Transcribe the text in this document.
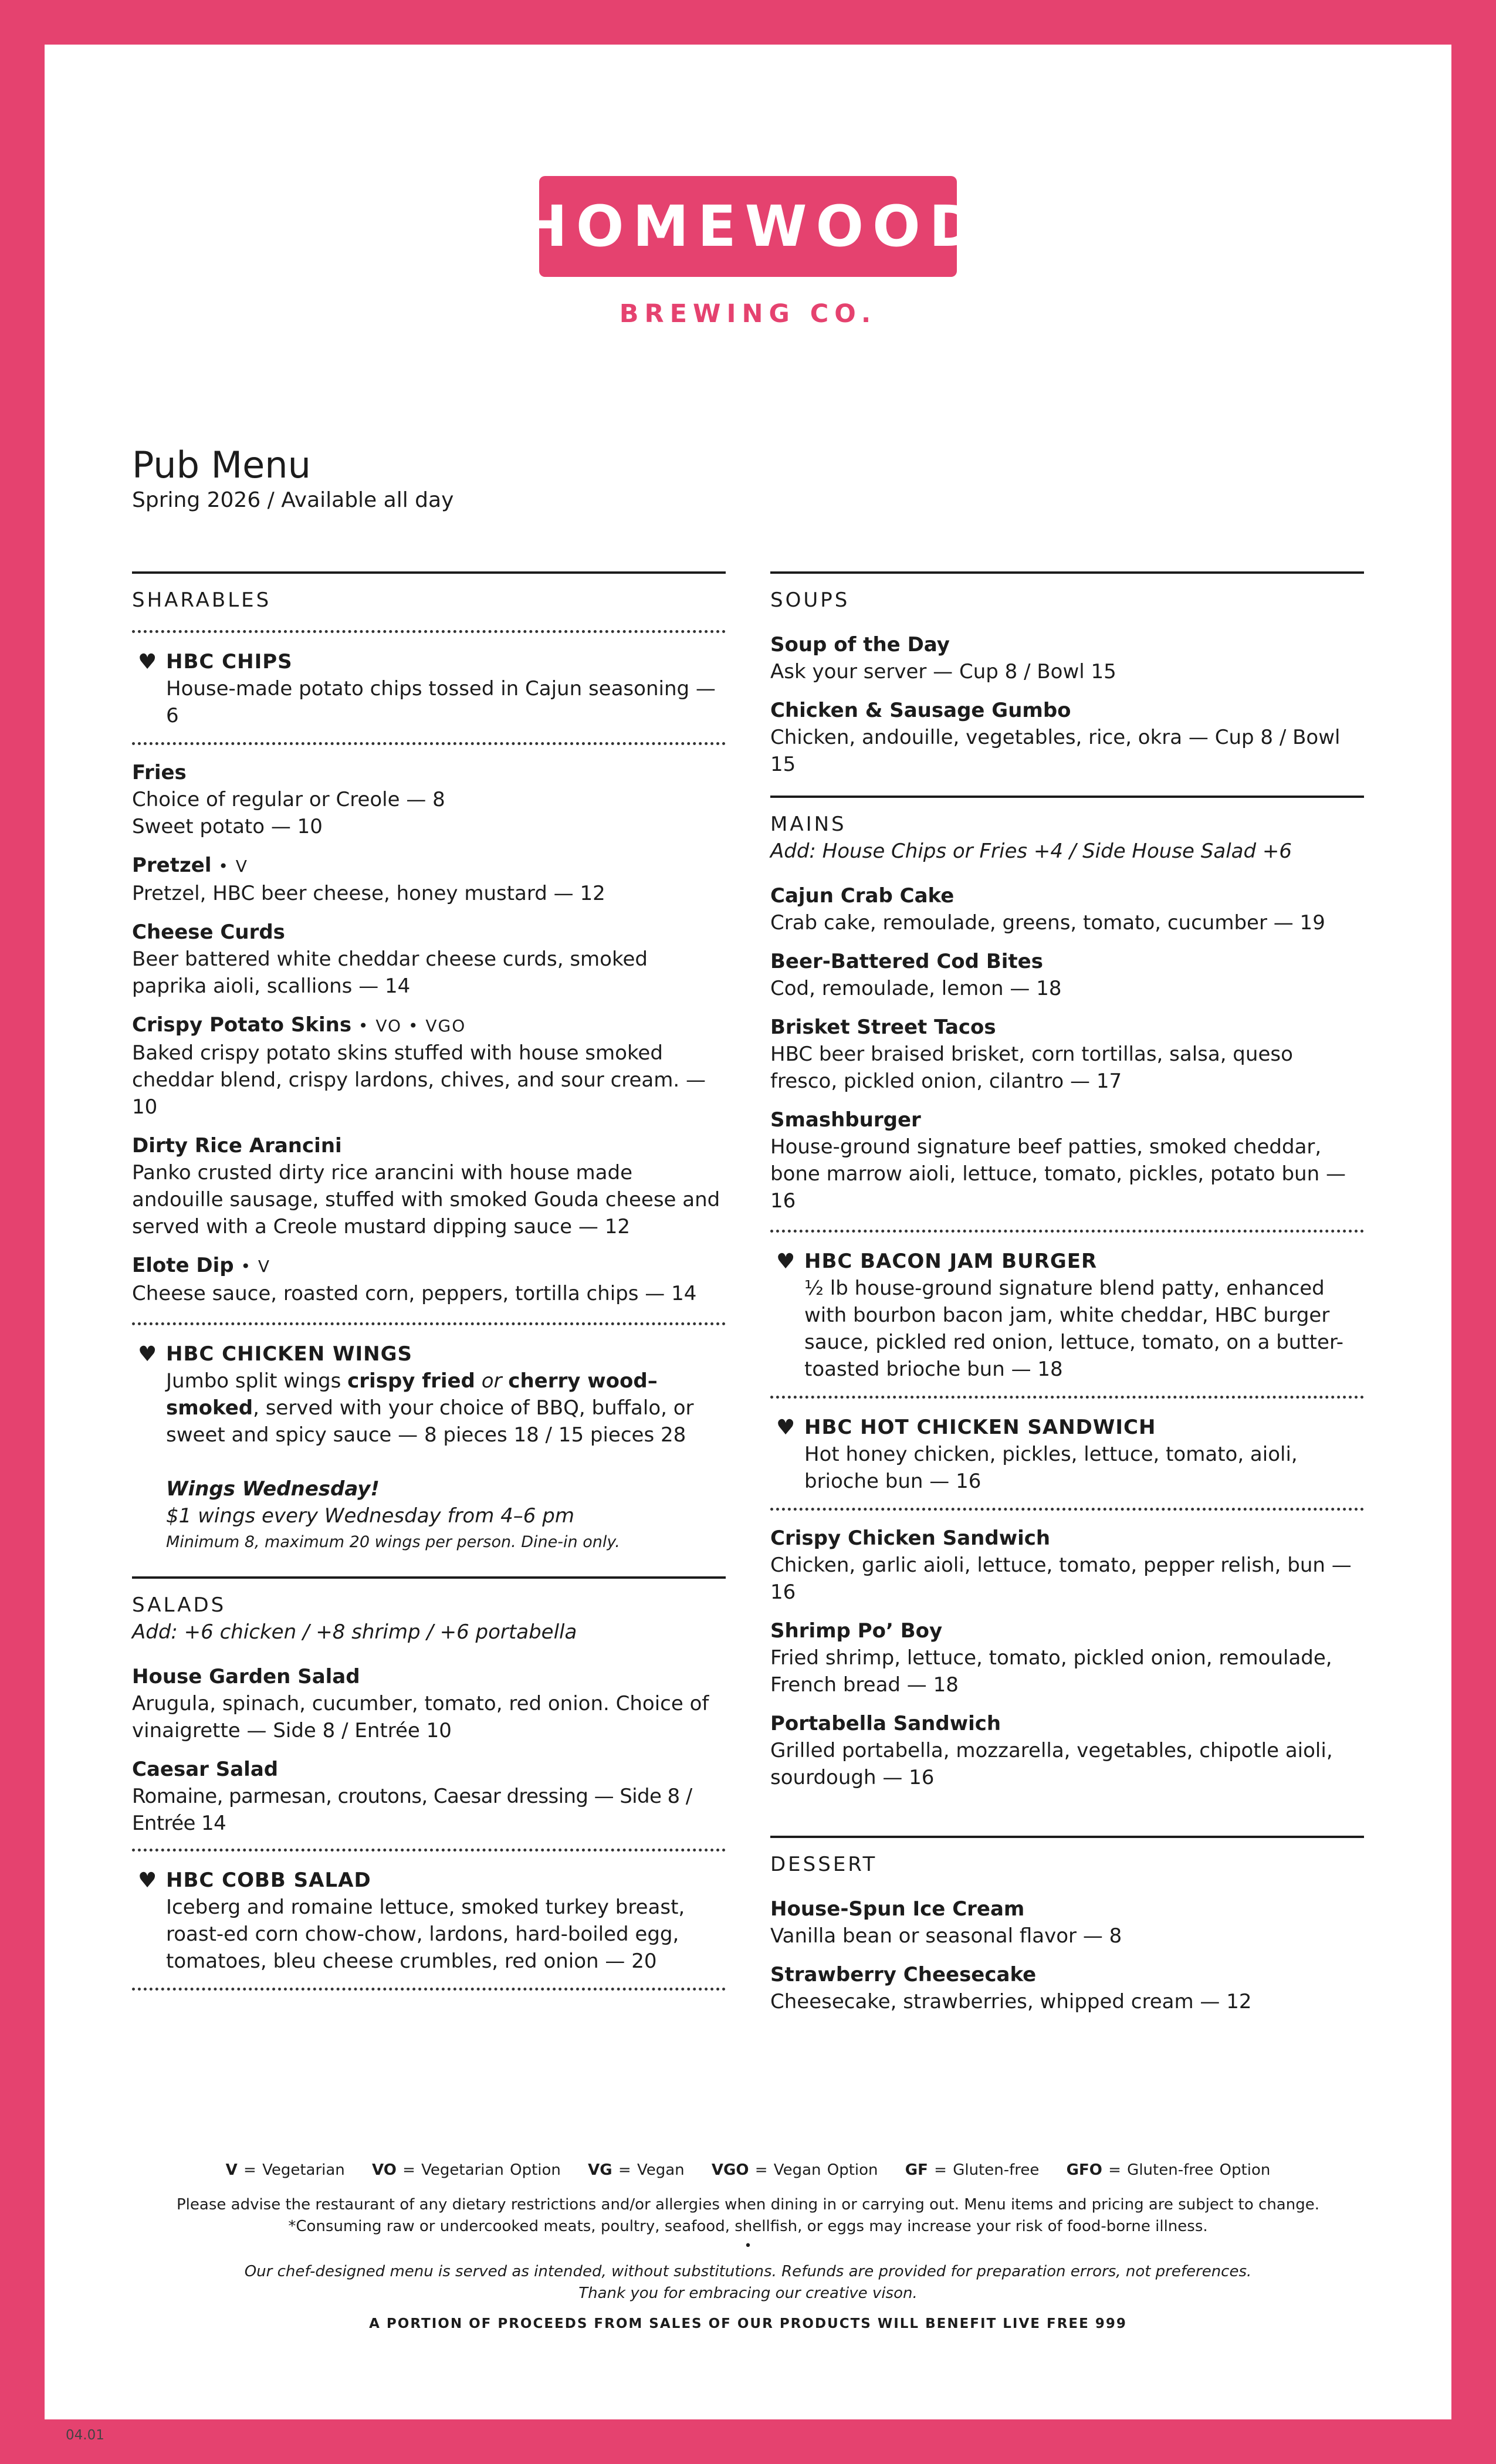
HOMEWOOD
BREWING CO.
Pub Menu
Spring 2026 / Available all day
SHARABLES
♥ HBC CHIPS
House-made potato chips tossed in Cajun seasoning — 6
Fries
Choice of regular or Creole — 8
Sweet potato — 10
Pretzel • V
Pretzel, HBC beer cheese, honey mustard — 12
Cheese Curds
Beer battered white cheddar cheese curds, smoked paprika aioli, scallions — 14
Crispy Potato Skins • VO • VGO
Baked crispy potato skins stuffed with house smoked cheddar blend, crispy lardons, chives, and sour cream. — 10
Dirty Rice Arancini
Panko crusted dirty rice arancini with house made andouille sausage, stuffed with smoked Gouda cheese and served with a Creole mustard dipping sauce — 12
Elote Dip • V
Cheese sauce, roasted corn, peppers, tortilla chips — 14
♥ HBC CHICKEN WINGS
Jumbo split wings crispy fried or cherry wood–smoked, served with your choice of BBQ, buffalo, or sweet and spicy sauce — 8 pieces 18 / 15 pieces 28
Wings Wednesday!
$1 wings every Wednesday from 4–6 pm
Minimum 8, maximum 20 wings per person. Dine-in only.
SALADS
Add: +6 chicken / +8 shrimp / +6 portabella
House Garden Salad
Arugula, spinach, cucumber, tomato, red onion. Choice of vinaigrette — Side 8 / Entrée 10
Caesar Salad
Romaine, parmesan, croutons, Caesar dressing — Side 8 / Entrée 14
♥ HBC COBB SALAD
Iceberg and romaine lettuce, smoked turkey breast, roast-ed corn chow-chow, lardons, hard-boiled egg, tomatoes, bleu cheese crumbles, red onion — 20
SOUPS
Soup of the Day
Ask your server — Cup 8 / Bowl 15
Chicken & Sausage Gumbo
Chicken, andouille, vegetables, rice, okra — Cup 8 / Bowl 15
MAINS
Add: House Chips or Fries +4 / Side House Salad +6
Cajun Crab Cake
Crab cake, remoulade, greens, tomato, cucumber — 19
Beer-Battered Cod Bites
Cod, remoulade, lemon — 18
Brisket Street Tacos
HBC beer braised brisket, corn tortillas, salsa, queso fresco, pickled onion, cilantro — 17
Smashburger
House-ground signature beef patties, smoked cheddar, bone marrow aioli, lettuce, tomato, pickles, potato bun — 16
♥ HBC BACON JAM BURGER
½ lb house-ground signature blend patty, enhanced with bourbon bacon jam, white cheddar, HBC burger sauce, pickled red onion, lettuce, tomato, on a butter-toasted brioche bun — 18
♥ HBC HOT CHICKEN SANDWICH
Hot honey chicken, pickles, lettuce, tomato, aioli, brioche bun — 16
Crispy Chicken Sandwich
Chicken, garlic aioli, lettuce, tomato, pepper relish, bun — 16
Shrimp Po’ Boy
Fried shrimp, lettuce, tomato, pickled onion, remoulade, French bread — 18
Portabella Sandwich
Grilled portabella, mozzarella, vegetables, chipotle aioli, sourdough — 16
DESSERT
House-Spun Ice Cream
Vanilla bean or seasonal flavor — 8
Strawberry Cheesecake
Cheesecake, strawberries, whipped cream — 12
V = Vegetarian VO = Vegetarian Option VG = Vegan VGO = Vegan Option GF = Gluten-free GFO = Gluten-free Option
Please advise the restaurant of any dietary restrictions and/or allergies when dining in or carrying out. Menu items and pricing are subject to change.
*Consuming raw or undercooked meats, poultry, seafood, shellfish, or eggs may increase your risk of food-borne illness.
•
Our chef-designed menu is served as intended, without substitutions. Refunds are provided for preparation errors, not preferences.
Thank you for embracing our creative vison.
A PORTION OF PROCEEDS FROM SALES OF OUR PRODUCTS WILL BENEFIT LIVE FREE 999
04.01
